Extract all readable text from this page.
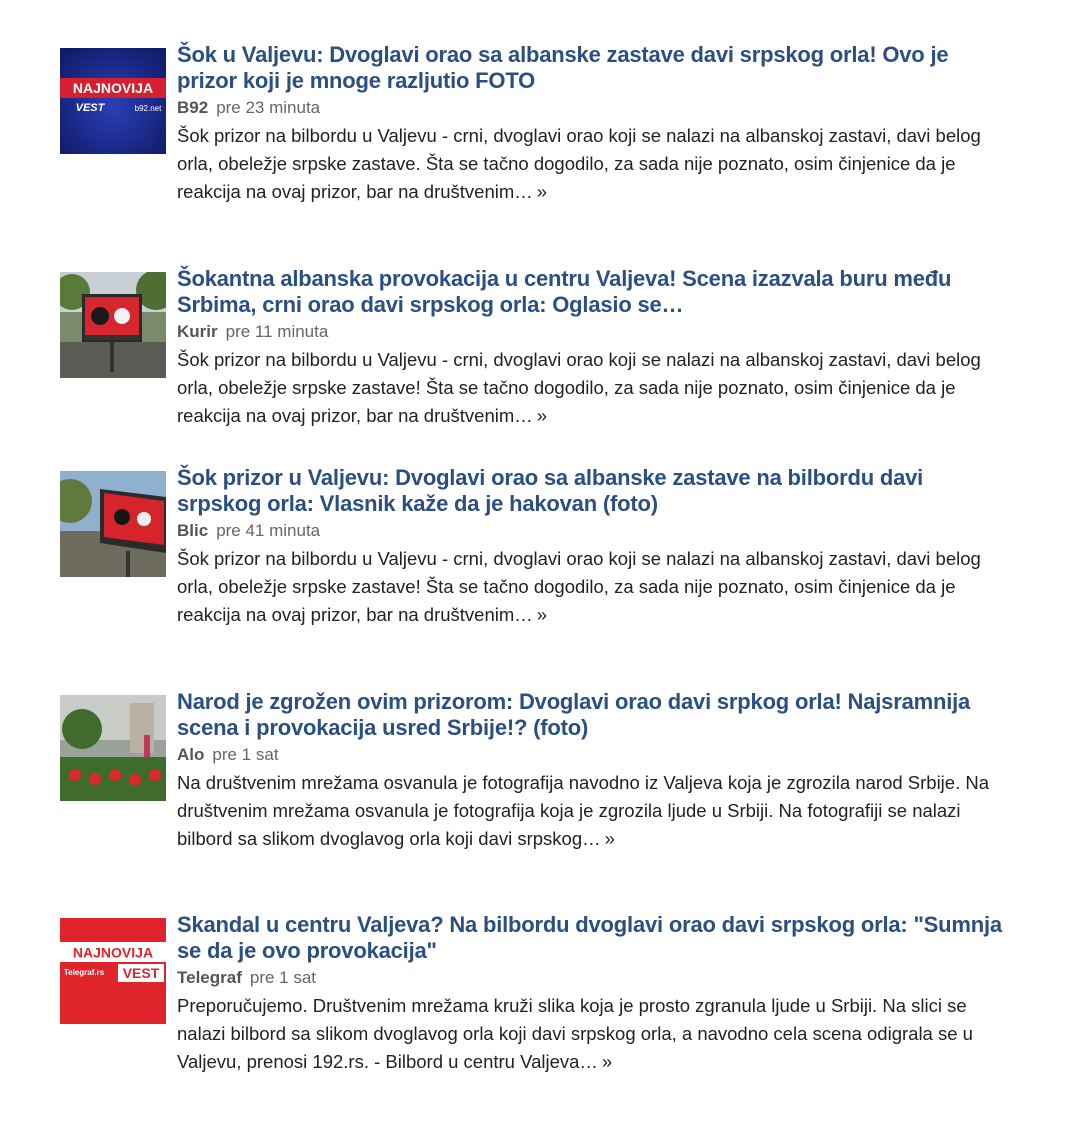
NAJNOVIJA
VEST	b92.net
Šok u Valjevu: Dvoglavi orao sa albanske zastave davi srpskog orla! Ovo je prizor koji je mnoge razljutio FOTO
B92 pre 23 minuta
Šok prizor na bilbordu u Valjevu - crni, dvoglavi orao koji se nalazi na albanskoj zastavi, davi belog orla, obeležje srpske zastave. Šta se tačno dogodilo, za sada nije poznato, osim činjenice da je reakcija na ovaj prizor, bar na društvenim… »
Šokantna albanska provokacija u centru Valjeva! Scena izazvala buru među Srbima, crni orao davi srpskog orla: Oglasio se…
Kurir pre 11 minuta
Šok prizor na bilbordu u Valjevu - crni, dvoglavi orao koji se nalazi na albanskoj zastavi, davi belog orla, obeležje srpske zastave! Šta se tačno dogodilo, za sada nije poznato, osim činjenice da je reakcija na ovaj prizor, bar na društvenim… »
Šok prizor u Valjevu: Dvoglavi orao sa albanske zastave na bilbordu davi srpskog orla: Vlasnik kaže da je hakovan (foto)
Blic pre 41 minuta
Šok prizor na bilbordu u Valjevu - crni, dvoglavi orao koji se nalazi na albanskoj zastavi, davi belog orla, obeležje srpske zastave! Šta se tačno dogodilo, za sada nije poznato, osim činjenice da je reakcija na ovaj prizor, bar na društvenim… »
Narod je zgrožen ovim prizorom: Dvoglavi orao davi srpkog orla! Najsramnija scena i provokacija usred Srbije!? (foto)
Alo pre 1 sat
Na društvenim mrežama osvanula je fotografija navodno iz Valjeva koja je zgrozila narod Srbije. Na društvenim mrežama osvanula je fotografija koja je zgrozila ljude u Srbiji. Na fotografiji se nalazi bilbord sa slikom dvoglavog orla koji davi srpskog… »
NAJNOVIJA
Telegraf.rs VEST
Skandal u centru Valjeva? Na bilbordu dvoglavi orao davi srpskog orla: "Sumnja se da je ovo provokacija"
Telegraf pre 1 sat
Preporučujemo. Društvenim mrežama kruži slika koja je prosto zgranula ljude u Srbiji. Na slici se nalazi bilbord sa slikom dvoglavog orla koji davi srpskog orla, a navodno cela scena odigrala se u Valjevu, prenosi 192.rs. - Bilbord u centru Valjeva… »
